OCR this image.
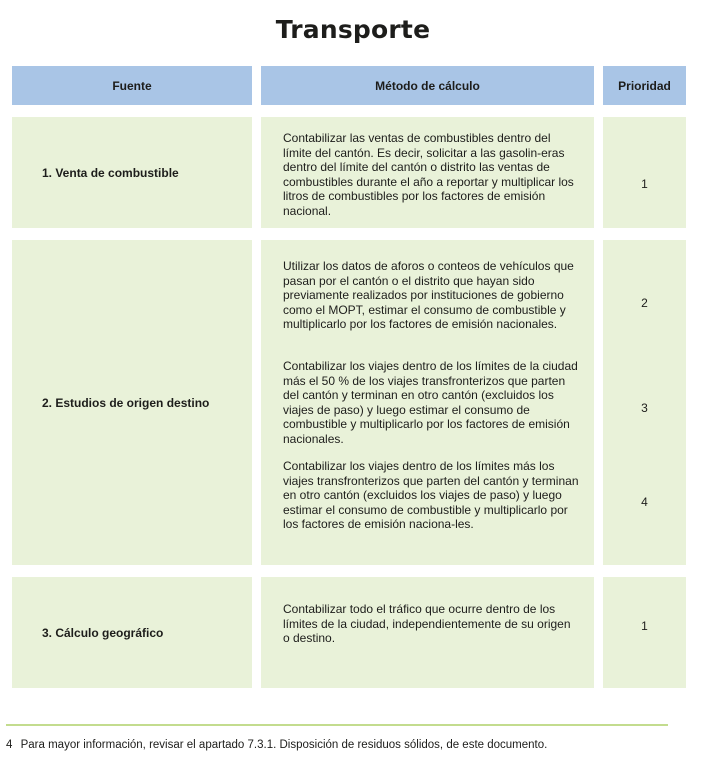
Transporte
Fuente	Método de cálculo	Prioridad
1. Venta de combustible
Contabilizar las ventas de combustibles dentro del límite del cantón. Es decir, solicitar a las gasolin-eras dentro del límite del cantón o distrito las ventas de combustibles durante el año a reportar y multiplicar los litros de combustibles por los factores de emisión nacional.
1
2. Estudios de origen destino
Utilizar los datos de aforos o conteos de vehículos que pasan por el cantón o el distrito que hayan sido previamente realizados por instituciones de gobierno como el MOPT, estimar el consumo de combustible y multiplicarlo por los factores de emisión nacionales.
Contabilizar los viajes dentro de los límites de la ciudad más el 50 % de los viajes transfronterizos que parten del cantón y terminan en otro cantón (excluidos los viajes de paso) y luego estimar el consumo de combustible y multiplicarlo por los factores de emisión nacionales.
Contabilizar los viajes dentro de los límites más los viajes transfronterizos que parten del cantón y terminan en otro cantón (excluidos los viajes de paso) y luego estimar el consumo de combustible y multiplicarlo por los factores de emisión naciona-les.
2
3
4
3. Cálculo geográfico
Contabilizar todo el tráfico que ocurre dentro de los límites de la ciudad, independientemente de su origen o destino.
1
4 Para mayor información, revisar el apartado 7.3.1. Disposición de residuos sólidos, de este documento.
